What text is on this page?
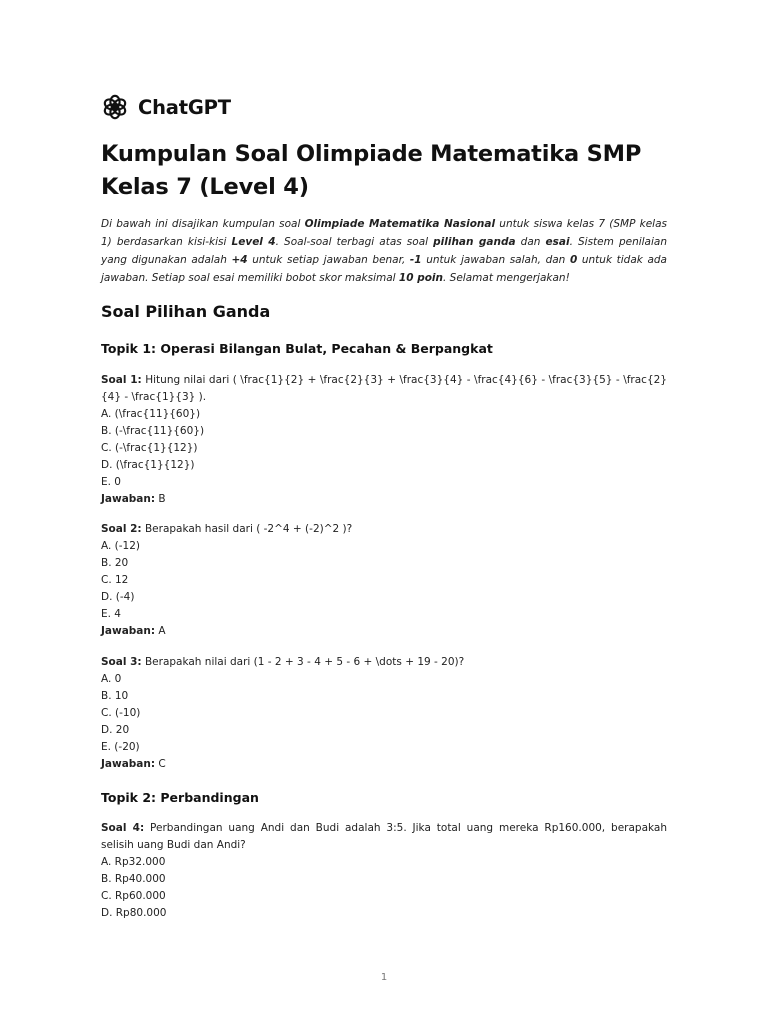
ChatGPT
Kumpulan Soal Olimpiade Matematika SMP Kelas 7 (Level 4)

Di bawah ini disajikan kumpulan soal Olimpiade Matematika Nasional untuk siswa kelas 7 (SMP kelas 1) berdasarkan kisi-kisi Level 4. Soal-soal terbagi atas soal pilihan ganda dan esai. Sistem penilaian yang digunakan adalah +4 untuk setiap jawaban benar, -1 untuk jawaban salah, dan 0 untuk tidak ada jawaban. Setiap soal esai memiliki bobot skor maksimal 10 poin. Selamat mengerjakan!

Soal Pilihan Ganda
Topik 1: Operasi Bilangan Bulat, Pecahan & Berpangkat
Soal 1: Hitung nilai dari ( \frac{1}{2} + \frac{2}{3} + \frac{3}{4} - \frac{4}{6} - \frac{3}{5} - \frac{2}{4} - \frac{1}{3} ).
A. (\frac{11}{60})
B. (-\frac{11}{60})
C. (-\frac{1}{12})
D. (\frac{1}{12})
E. 0
Jawaban: B
Soal 2: Berapakah hasil dari ( -2^4 + (-2)^2 )?
A. (-12)
B. 20
C. 12
D. (-4)
E. 4
Jawaban: A
Soal 3: Berapakah nilai dari (1 - 2 + 3 - 4 + 5 - 6 + \dots + 19 - 20)?
A. 0
B. 10
C. (-10)
D. 20
E. (-20)
Jawaban: C
Topik 2: Perbandingan
Soal 4: Perbandingan uang Andi dan Budi adalah 3:5. Jika total uang mereka Rp160.000, berapakah selisih uang Budi dan Andi?
A. Rp32.000
B. Rp40.000
C. Rp60.000
D. Rp80.000
1
